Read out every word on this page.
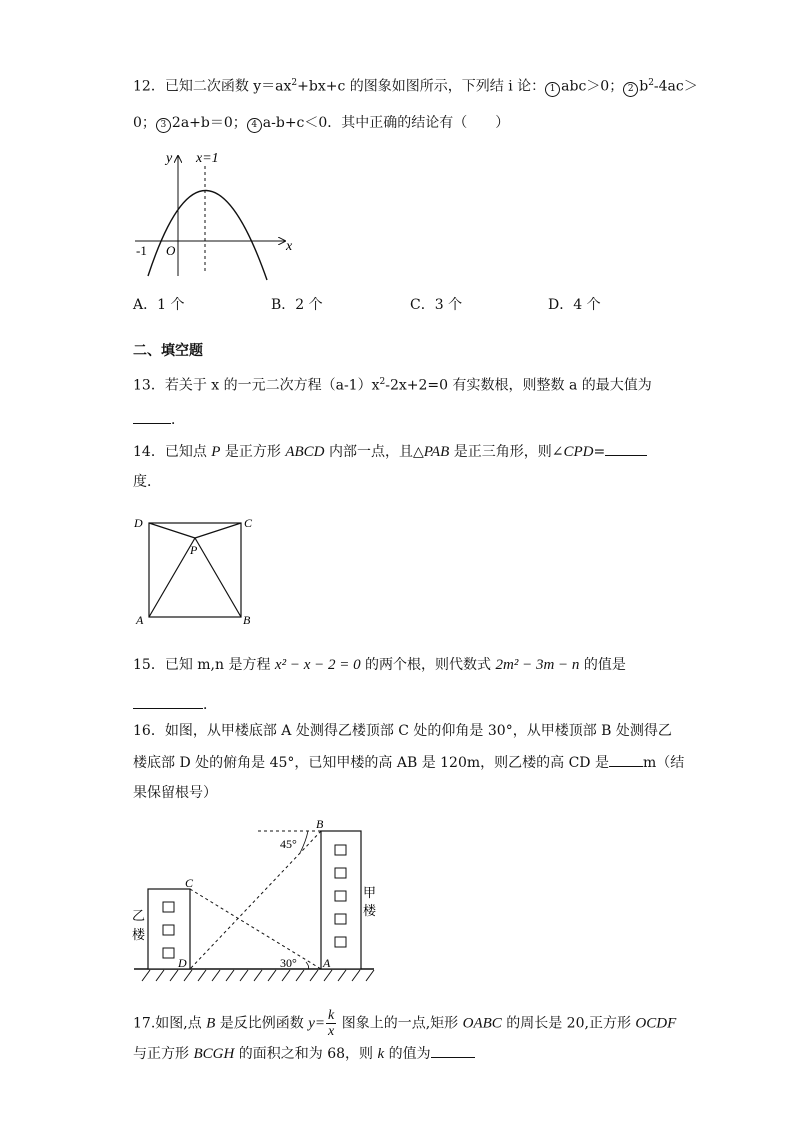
12．已知二次函数 $y=ax^2+bx+c$ 的图象如图所示，下列结 i 论： 1 abc＞0； 2 $b^2-4ac>$
0； 3 2a+b＝0； 4 a-b+c＜0．其中正确的结论有（　　）
y x=1
x
-1 O
A．1 个	B．2 个	C．3 个	D．4 个
二、填空题
13．若关于 x 的一元二次方程$(a-1)x^2-2x+2=0$ 有实数根，则整数 a 的最大值为
．
14．已知点 P 是正方形 ABCD 内部一点，且△PAB 是正三角形，则∠CPD=
度．
D	C
P
A	B
15．已知 m,n 是方程 x² − x − 2 = 0 的两个根，则代数式 2m² − 3m − n 的值是
．
16．如图，从甲楼底部 A 处测得乙楼顶部 C 处的仰角是 30°，从甲楼顶部 B 处测得乙
楼底部 D 处的俯角是 45°，已知甲楼的高 AB 是 120m，则乙楼的高 CD 是 m（结
果保留根号）
B
C
D	A
45°
30°
甲
楼
乙
楼
17.如图,点 B 是反比例函数 $y= \frac{k}{x}$ 图象上的一点,矩形 OABC 的周长是 20,正方形 OCDF
与正方形 BCGH 的面积之和为 68，则 k 的值为
